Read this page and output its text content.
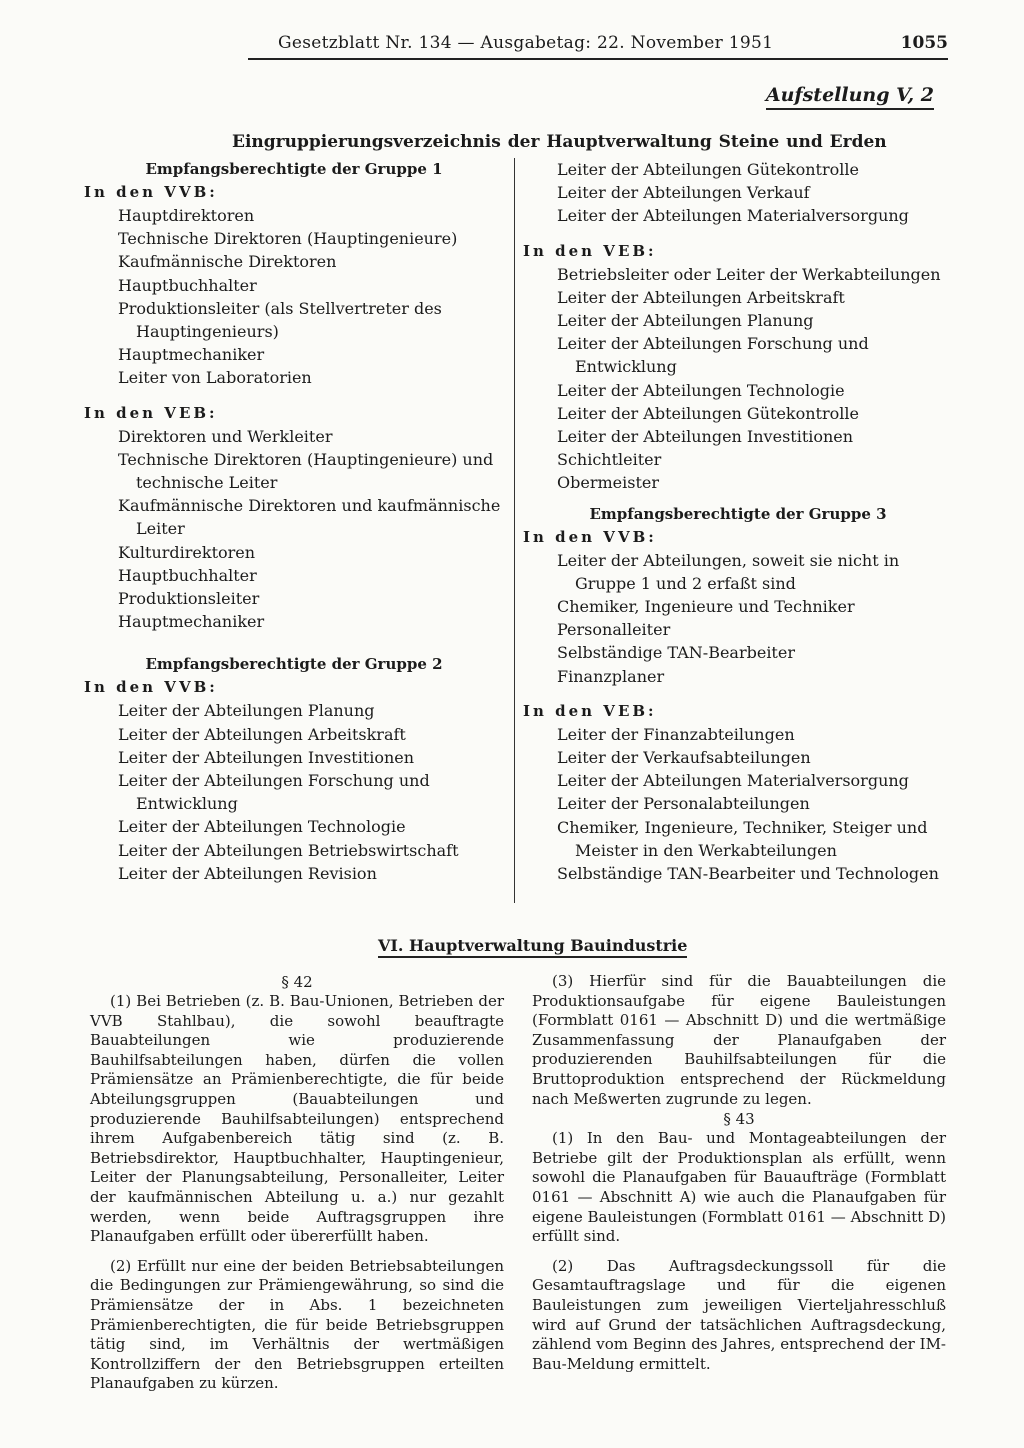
Gesetzblatt Nr. 134 — Ausgabetag: 22. November 1951	1055
Aufstellung V, 2
Eingruppierungsverzeichnis der Hauptverwaltung Steine und Erden
Empfangsberechtigte der Gruppe 1
In den VVB:
Hauptdirektoren
Technische Direktoren (Hauptingenieure)
Kaufmännische Direktoren
Hauptbuchhalter
Produktionsleiter (als Stellvertreter des Hauptingenieurs)
Hauptmechaniker
Leiter von Laboratorien
In den VEB:
Direktoren und Werkleiter
Technische Direktoren (Hauptingenieure) und technische Leiter
Kaufmännische Direktoren und kaufmännische Leiter
Kulturdirektoren
Hauptbuchhalter
Produktionsleiter
Hauptmechaniker
Empfangsberechtigte der Gruppe 2
In den VVB:
Leiter der Abteilungen Planung
Leiter der Abteilungen Arbeitskraft
Leiter der Abteilungen Investitionen
Leiter der Abteilungen Forschung und Entwicklung
Leiter der Abteilungen Technologie
Leiter der Abteilungen Betriebswirtschaft
Leiter der Abteilungen Revision
Leiter der Abteilungen Gütekontrolle
Leiter der Abteilungen Verkauf
Leiter der Abteilungen Materialversorgung
In den VEB:
Betriebsleiter oder Leiter der Werkabteilungen
Leiter der Abteilungen Arbeitskraft
Leiter der Abteilungen Planung
Leiter der Abteilungen Forschung und Entwicklung
Leiter der Abteilungen Technologie
Leiter der Abteilungen Gütekontrolle
Leiter der Abteilungen Investitionen
Schichtleiter
Obermeister
Empfangsberechtigte der Gruppe 3
In den VVB:
Leiter der Abteilungen, soweit sie nicht in Gruppe 1 und 2 erfaßt sind
Chemiker, Ingenieure und Techniker
Personalleiter
Selbständige TAN-Bearbeiter
Finanzplaner
In den VEB:
Leiter der Finanzabteilungen
Leiter der Verkaufsabteilungen
Leiter der Abteilungen Materialversorgung
Leiter der Personalabteilungen
Chemiker, Ingenieure, Techniker, Steiger und Meister in den Werkabteilungen
Selbständige TAN-Bearbeiter und Technologen
VI. Hauptverwaltung Bauindustrie
§ 42

(1) Bei Betrieben (z. B. Bau-Unionen, Betrieben der VVB Stahlbau), die sowohl beauftragte Bauabteilungen wie produzierende Bauhilfsabteilungen haben, dürfen die vollen Prämiensätze an Prämienberechtigte, die für beide Abteilungsgruppen (Bauabteilungen und produzierende Bauhilfsabteilungen) entsprechend ihrem Aufgabenbereich tätig sind (z. B. Betriebsdirektor, Hauptbuchhalter, Hauptingenieur, Leiter der Planungsabteilung, Personalleiter, Leiter der kaufmännischen Abteilung u. a.) nur gezahlt werden, wenn beide Auftragsgruppen ihre Planaufgaben erfüllt oder übererfüllt haben.

(2) Erfüllt nur eine der beiden Betriebsabteilungen die Bedingungen zur Prämiengewährung, so sind die Prämiensätze der in Abs. 1 bezeichneten Prämienberechtigten, die für beide Betriebsgruppen tätig sind, im Verhältnis der wertmäßigen Kontrollziffern der den Betriebsgruppen erteilten Planaufgaben zu kürzen.

(3) Hierfür sind für die Bauabteilungen die Produktionsaufgabe für eigene Bauleistungen (Formblatt 0161 — Abschnitt D) und die wertmäßige Zusammenfassung der Planaufgaben der produzierenden Bauhilfsabteilungen für die Bruttoproduktion entsprechend der Rückmeldung nach Meßwerten zugrunde zu legen.

§ 43

(1) In den Bau- und Montageabteilungen der Betriebe gilt der Produktionsplan als erfüllt, wenn sowohl die Planaufgaben für Bauaufträge (Formblatt 0161 — Abschnitt A) wie auch die Planaufgaben für eigene Bauleistungen (Formblatt 0161 — Abschnitt D) erfüllt sind.

(2) Das Auftragsdeckungssoll für die Gesamtauftragslage und für die eigenen Bauleistungen zum jeweiligen Vierteljahresschluß wird auf Grund der tatsächlichen Auftragsdeckung, zählend vom Beginn des Jahres, entsprechend der IM-Bau-Meldung ermittelt.
